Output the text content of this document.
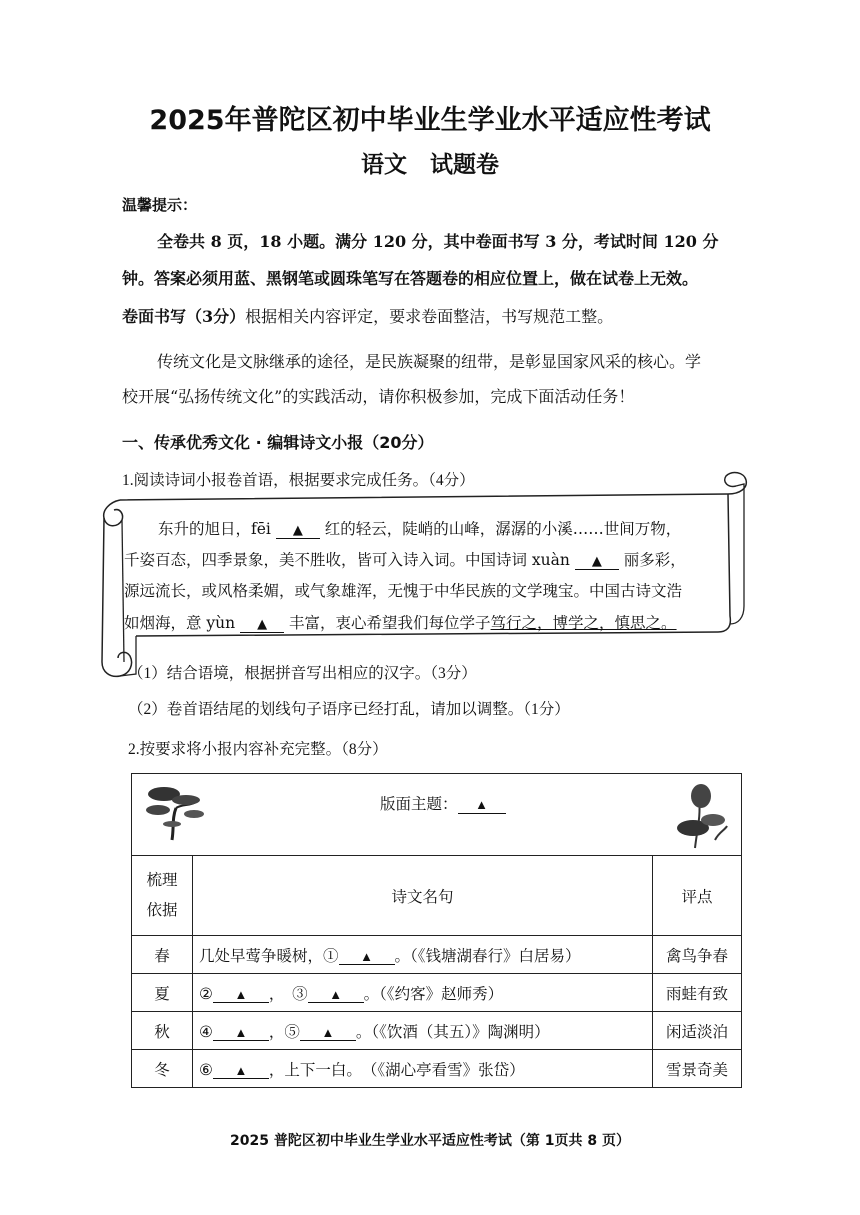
2025年普陀区初中毕业生学业水平适应性考试
语文　试题卷
温馨提示：
全卷共 8 页，18 小题。满分 120 分，其中卷面书写 3 分，考试时间 120 分
钟。答案必须用蓝、黑钢笔或圆珠笔写在答题卷的相应位置上，做在试卷上无效。
卷面书写（3分）根据相关内容评定，要求卷面整洁，书写规范工整。
传统文化是文脉继承的途径，是民族凝聚的纽带，是彰显国家风采的核心。学
校开展“弘扬传统文化”的实践活动，请你积极参加，完成下面活动任务！
一、传承优秀文化 · 编辑诗文小报（20分）
1.阅读诗词小报卷首语，根据要求完成任务。（4分）
东升的旭日，fēi ▲ 红的轻云，陡峭的山峰，潺潺的小溪……世间万物，
千姿百态，四季景象，美不胜收，皆可入诗入词。中国诗词 xuàn ▲ 丽多彩，
源远流长，或风格柔媚，或气象雄浑，无愧于中华民族的文学瑰宝。中国古诗文浩
如烟海，意 yùn ▲ 丰富，衷心希望我们每位学子笃行之，博学之，慎思之。
（1）结合语境，根据拼音写出相应的汉字。（3分）
（2）卷首语结尾的划线句子语序已经打乱，请加以调整。（1分）
2.按要求将小报内容补充完整。（8分）
版面主题： ▲		

梳理
依据	诗文名句	评点
春	几处早莺争暖树，① ▲ 。（《钱塘湖春行》白居易）	禽鸟争春
夏	② ▲ ，　③ ▲ 。（《约客》赵师秀）	雨蛙有致
秋	④ ▲ ，⑤ ▲ 。（《饮酒（其五）》陶渊明）	闲适淡泊
冬	⑥ ▲ ，上下一白。　（《湖心亭看雪》张岱）	雪景奇美
2025 普陀区初中毕业生学业水平适应性考试（第 1页共 8 页）
